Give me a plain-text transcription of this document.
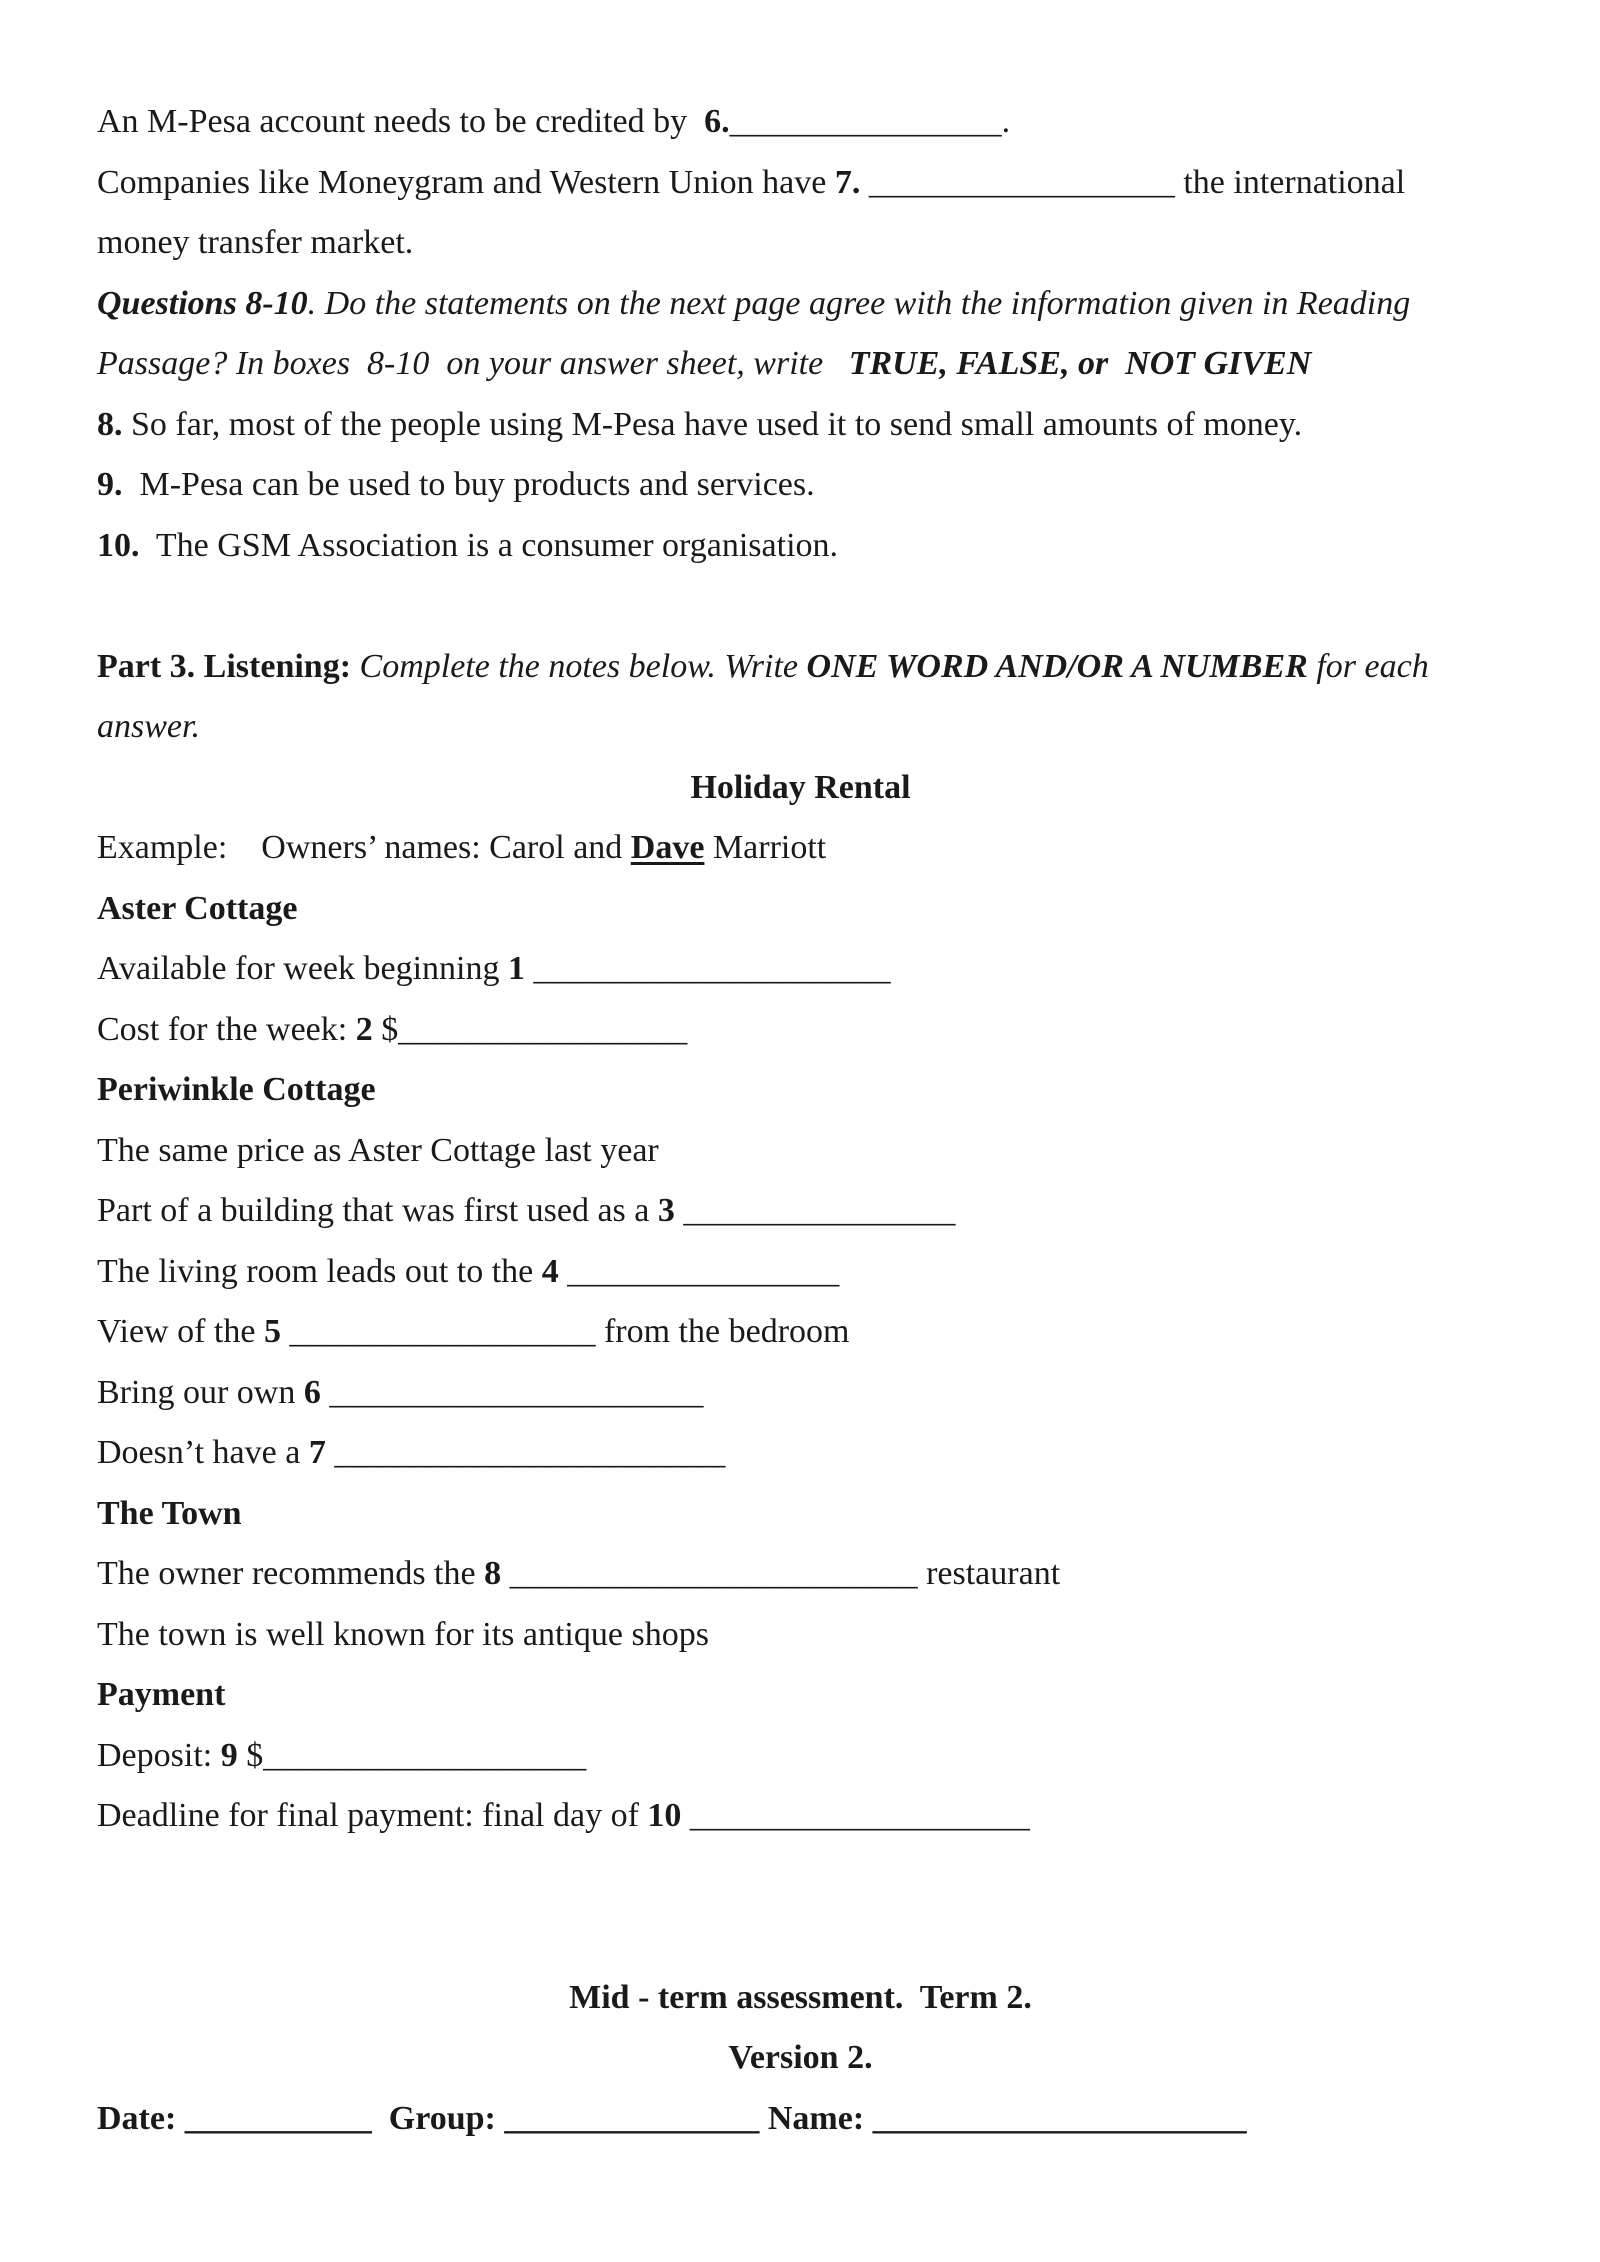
An M-Pesa account needs to be credited by  6.________________.

Companies like Moneygram and Western Union have 7. __________________ the international

money transfer market.

Questions 8-10. Do the statements on the next page agree with the information given in Reading

Passage? In boxes  8-10  on your answer sheet, write   TRUE, FALSE, or  NOT GIVEN

8. So far, most of the people using M-Pesa have used it to send small amounts of money.

9.  M-Pesa can be used to buy products and services.

10.  The GSM Association is a consumer organisation.

Part 3. Listening: Complete the notes below. Write ONE WORD AND/OR A NUMBER for each

answer.

Holiday Rental

Example:    Owners’ names: Carol and Dave Marriott

Aster Cottage

Available for week beginning 1 _____________________

Cost for the week: 2 $_________________

Periwinkle Cottage

The same price as Aster Cottage last year

Part of a building that was first used as a 3 ________________

The living room leads out to the 4 ________________

View of the 5 __________________ from the bedroom

Bring our own 6 ______________________

Doesn’t have a 7 _______________________

The Town

The owner recommends the 8 ________________________ restaurant

The town is well known for its antique shops

Payment

Deposit: 9 $___________________

Deadline for final payment: final day of 10 ____________________

Mid - term assessment.  Term 2.

Version 2.

Date: ___________  Group: _______________ Name: ______________________
